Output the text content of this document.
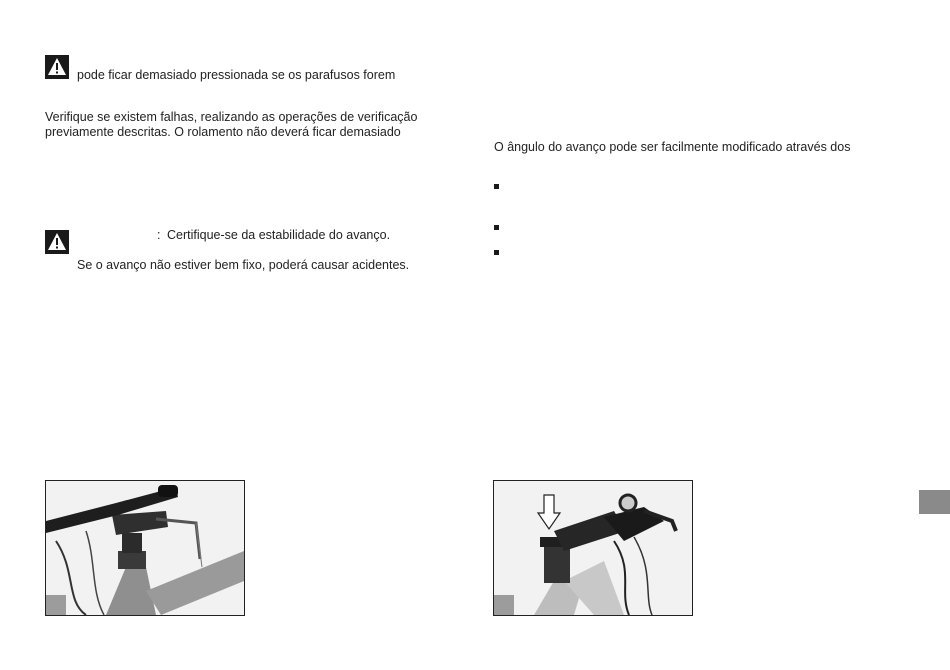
pode ficar demasiado pressionada se os parafusos forem
Verifique se existem falhas, realizando as operações de verificação
previamente descritas. O rolamento não deverá ficar demasiado
: Certifique-se da estabilidade do avanço.
Se o avanço não estiver bem fixo, poderá causar acidentes.
O ângulo do avanço pode ser facilmente modificado através dos
